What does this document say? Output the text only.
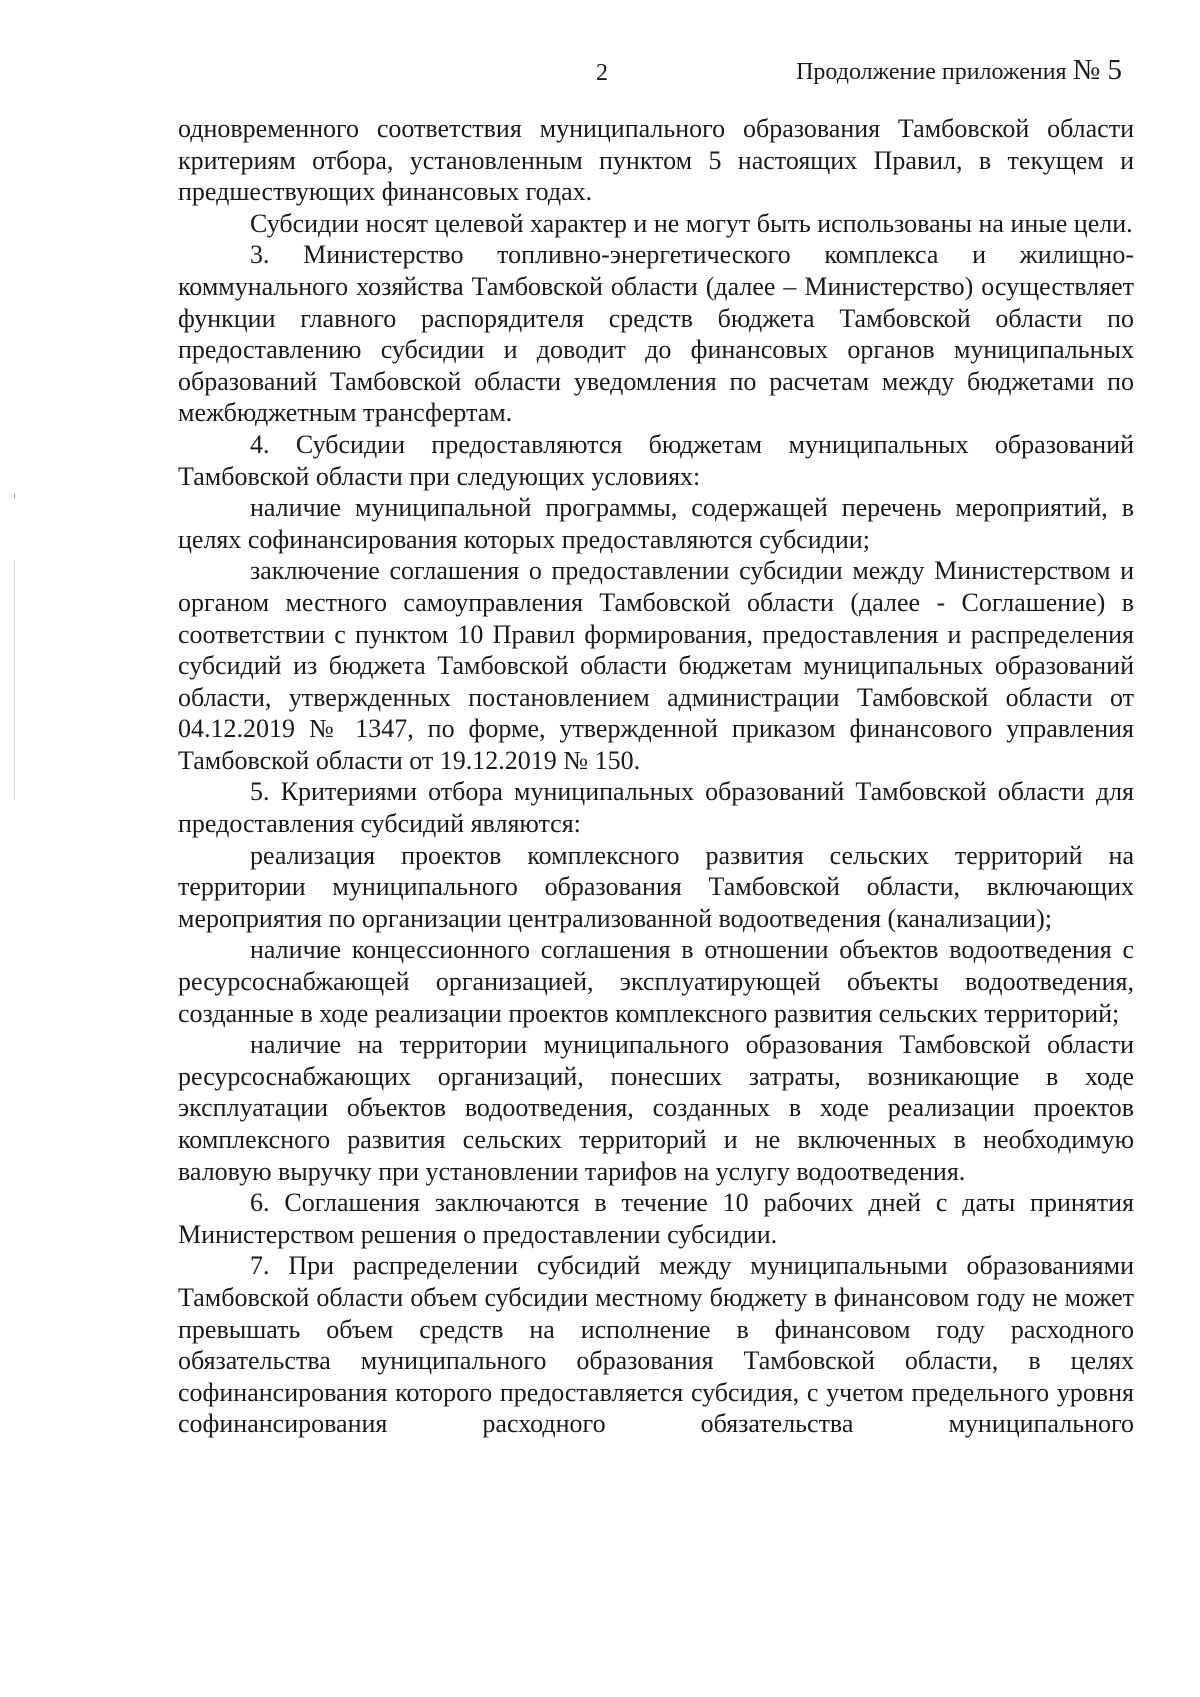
2	Продолжение приложения № 5

одновременного соответствия муниципального образования Тамбовской области критериям отбора, установленным пунктом 5 настоящих Правил, в текущем и предшествующих финансовых годах.

Субсидии носят целевой характер и не могут быть использованы на иные цели.

3. Министерство топливно-энергетического комплекса и жилищно-коммунального хозяйства Тамбовской области (далее – Министерство) осуществляет функции главного распорядителя средств бюджета Тамбовской области по предоставлению субсидии и доводит до финансовых органов муниципальных образований Тамбовской области уведомления по расчетам между бюджетами по межбюджетным трансфертам.

4. Субсидии предоставляются бюджетам муниципальных образований Тамбовской области при следующих условиях:

наличие муниципальной программы, содержащей перечень мероприятий, в целях софинансирования которых предоставляются субсидии;

заключение соглашения о предоставлении субсидии между Министерством и органом местного самоуправления Тамбовской области (далее - Соглашение) в соответствии с пунктом 10 Правил формирования, предоставления и распределения субсидий из бюджета Тамбовской области бюджетам муниципальных образований области, утвержденных постановлением администрации Тамбовской области от 04.12.2019 № 1347, по форме, утвержденной приказом финансового управления Тамбовской области от 19.12.2019 № 150.

5. Критериями отбора муниципальных образований Тамбовской области для предоставления субсидий являются:

реализация проектов комплексного развития сельских территорий на территории муниципального образования Тамбовской области, включающих мероприятия по организации централизованной водоотведения (канализации);

наличие концессионного соглашения в отношении объектов водоотведения с ресурсоснабжающей организацией, эксплуатирующей объекты водоотведения, созданные в ходе реализации проектов комплексного развития сельских территорий;

наличие на территории муниципального образования Тамбовской области ресурсоснабжающих организаций, понесших затраты, возникающие в ходе эксплуатации объектов водоотведения, созданных в ходе реализации проектов комплексного развития сельских территорий и не включенных в необходимую валовую выручку при установлении тарифов на услугу водоотведения.

6. Соглашения заключаются в течение 10 рабочих дней с даты принятия Министерством решения о предоставлении субсидии.

7. При распределении субсидий между муниципальными образованиями Тамбовской области объем субсидии местному бюджету в финансовом году не может превышать объем средств на исполнение в финансовом году расходного обязательства муниципального образования Тамбовской области, в целях софинансирования которого предоставляется субсидия, с учетом предельного уровня софинансирования расходного обязательства муниципального
